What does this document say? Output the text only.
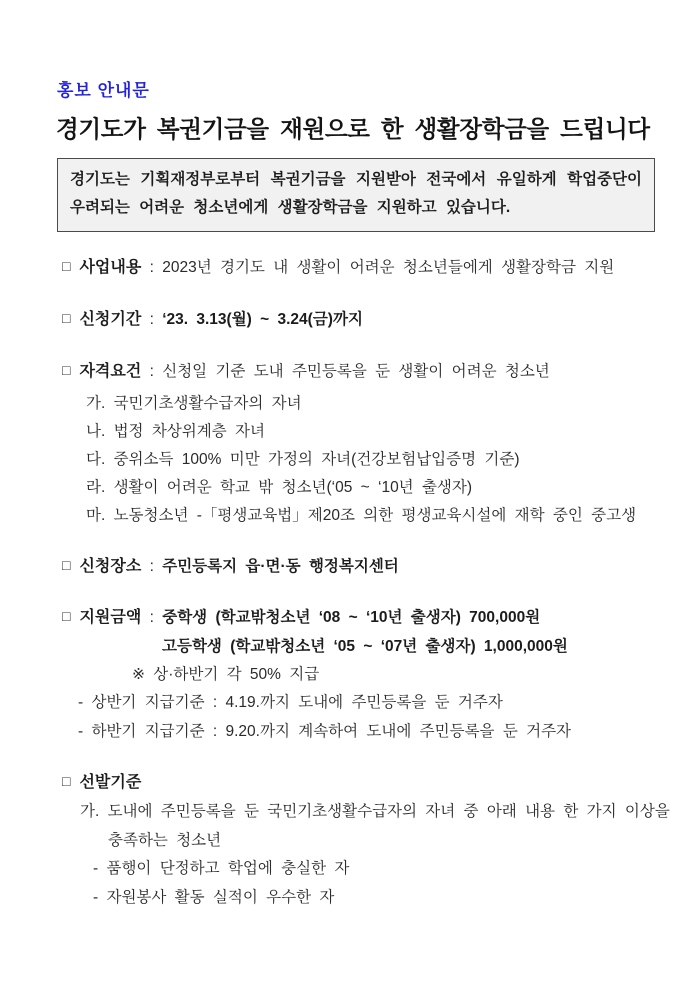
홍보 안내문
경기도가 복권기금을 재원으로 한 생활장학금을 드립니다
경기도는 기획재정부로부터 복권기금을 지원받아 전국에서 유일하게 학업중단이 우려되는 어려운 청소년에게 생활장학금을 지원하고 있습니다.
□ 사업내용 : 2023년 경기도 내 생활이 어려운 청소년들에게 생활장학금 지원
□ 신청기간 : ‘23. 3.13(월) ~ 3.24(금)까지
□ 자격요건 : 신청일 기준 도내 주민등록을 둔 생활이 어려운 청소년
가. 국민기초생활수급자의 자녀
나. 법정 차상위계층 자녀
다. 중위소득 100% 미만 가정의 자녀(건강보험납입증명 기준)
라. 생활이 어려운 학교 밖 청소년(‘05 ~ ‘10년 출생자)
마. 노동청소년 -「평생교육법」제20조 의한 평생교육시설에 재학 중인 중고생
□ 신청장소 : 주민등록지 읍·면·동 행정복지센터
□ 지원금액 : 중학생 (학교밖청소년 ‘08 ~ ‘10년 출생자) 700,000원
고등학생 (학교밖청소년 ‘05 ~ ‘07년 출생자) 1,000,000원
※ 상·하반기 각 50% 지급
- 상반기 지급기준 : 4.19.까지 도내에 주민등록을 둔 거주자
- 하반기 지급기준 : 9.20.까지 계속하여 도내에 주민등록을 둔 거주자
□ 선발기준
가. 도내에 주민등록을 둔 국민기초생활수급자의 자녀 중 아래 내용 한 가지 이상을
충족하는 청소년
- 품행이 단정하고 학업에 충실한 자
- 자원봉사 활동 실적이 우수한 자
